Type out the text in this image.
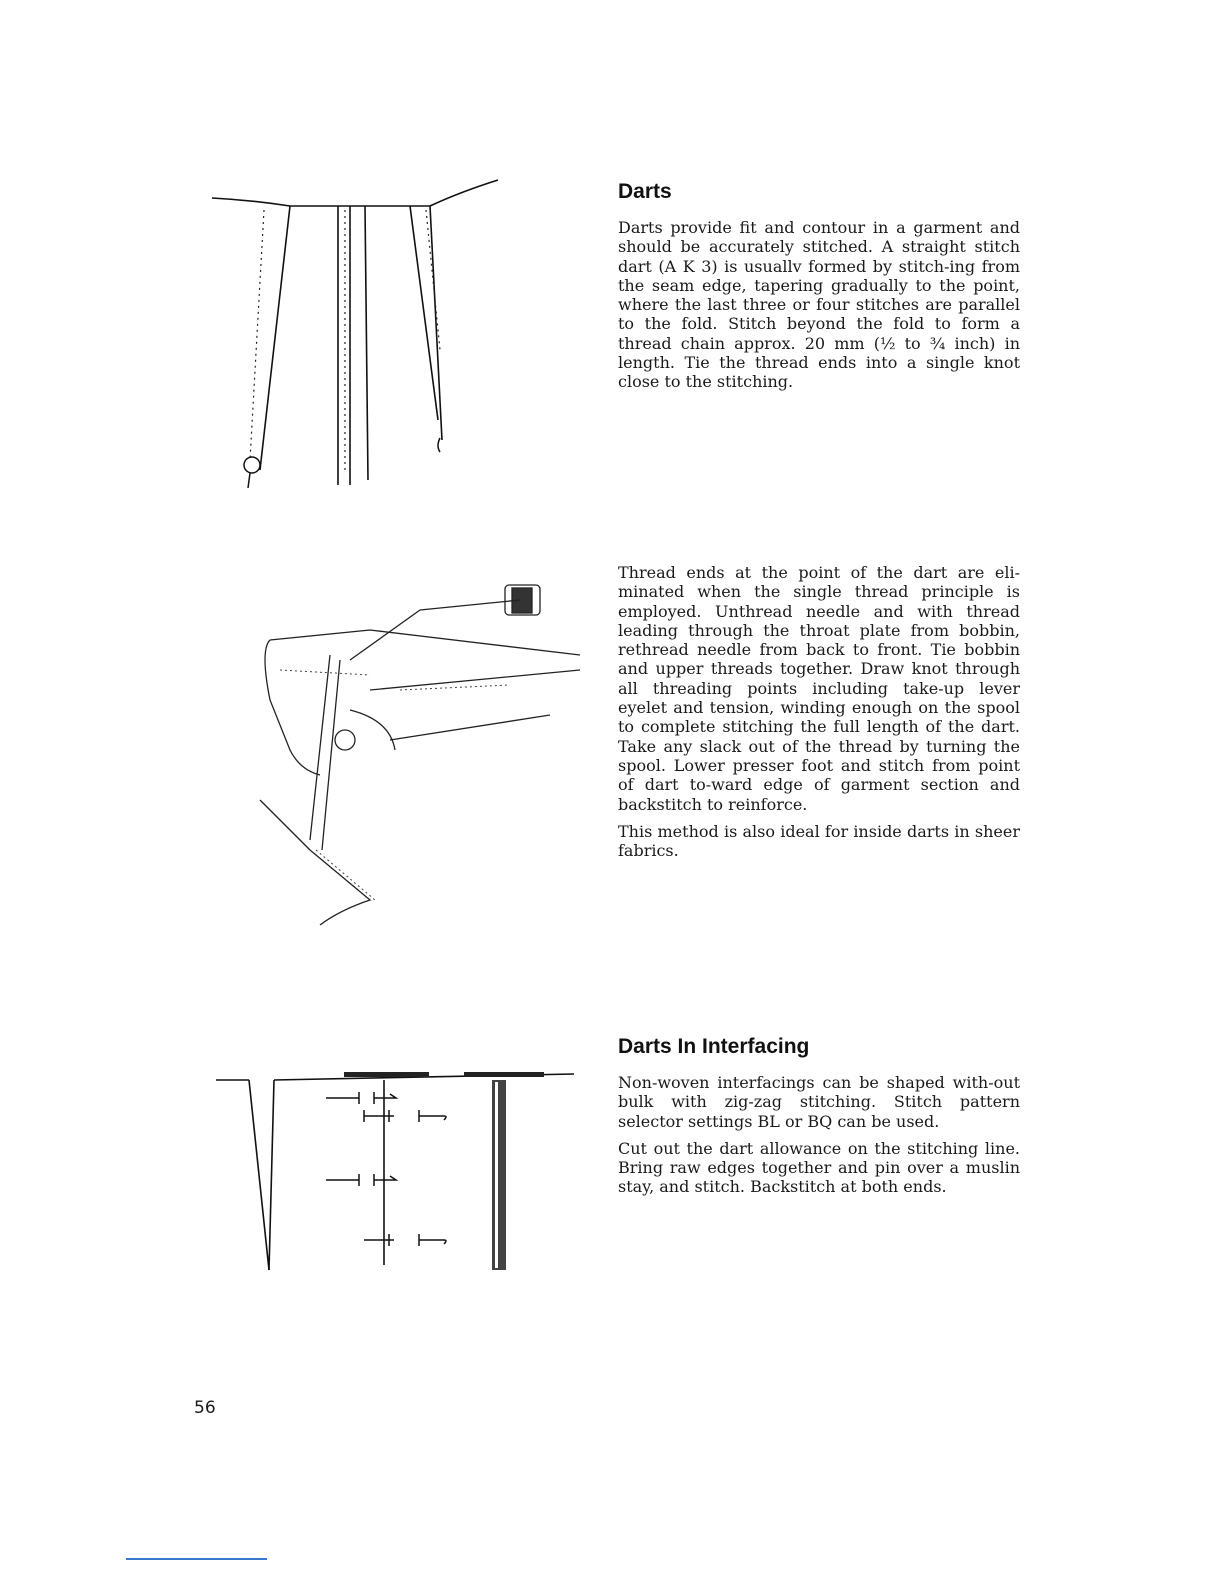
Darts

Darts provide fit and contour in a garment and should be accurately stitched. A straight stitch dart (A K 3) is usuallv formed by stitch-ing from the seam edge, tapering gradually to the point, where the last three or four stitches are parallel to the fold. Stitch beyond the fold to form a thread chain approx. 20 mm (½ to ¾ inch) in length. Tie the thread ends into a single knot close to the stitching.

Thread ends at the point of the dart are eli-minated when the single thread principle is employed. Unthread needle and with thread leading through the throat plate from bobbin, rethread needle from back to front. Tie bobbin and upper threads together. Draw knot through all threading points including take-up lever eyelet and tension, winding enough on the spool to complete stitching the full length of the dart. Take any slack out of the thread by turning the spool. Lower presser foot and stitch from point of dart to-ward edge of garment section and backstitch to reinforce.

This method is also ideal for inside darts in sheer fabrics.

Darts In Interfacing

Non-woven interfacings can be shaped with-out bulk with zig-zag stitching. Stitch pattern selector settings BL or BQ can be used.

Cut out the dart allowance on the stitching line. Bring raw edges together and pin over a muslin stay, and stitch. Backstitch at both ends.

56
